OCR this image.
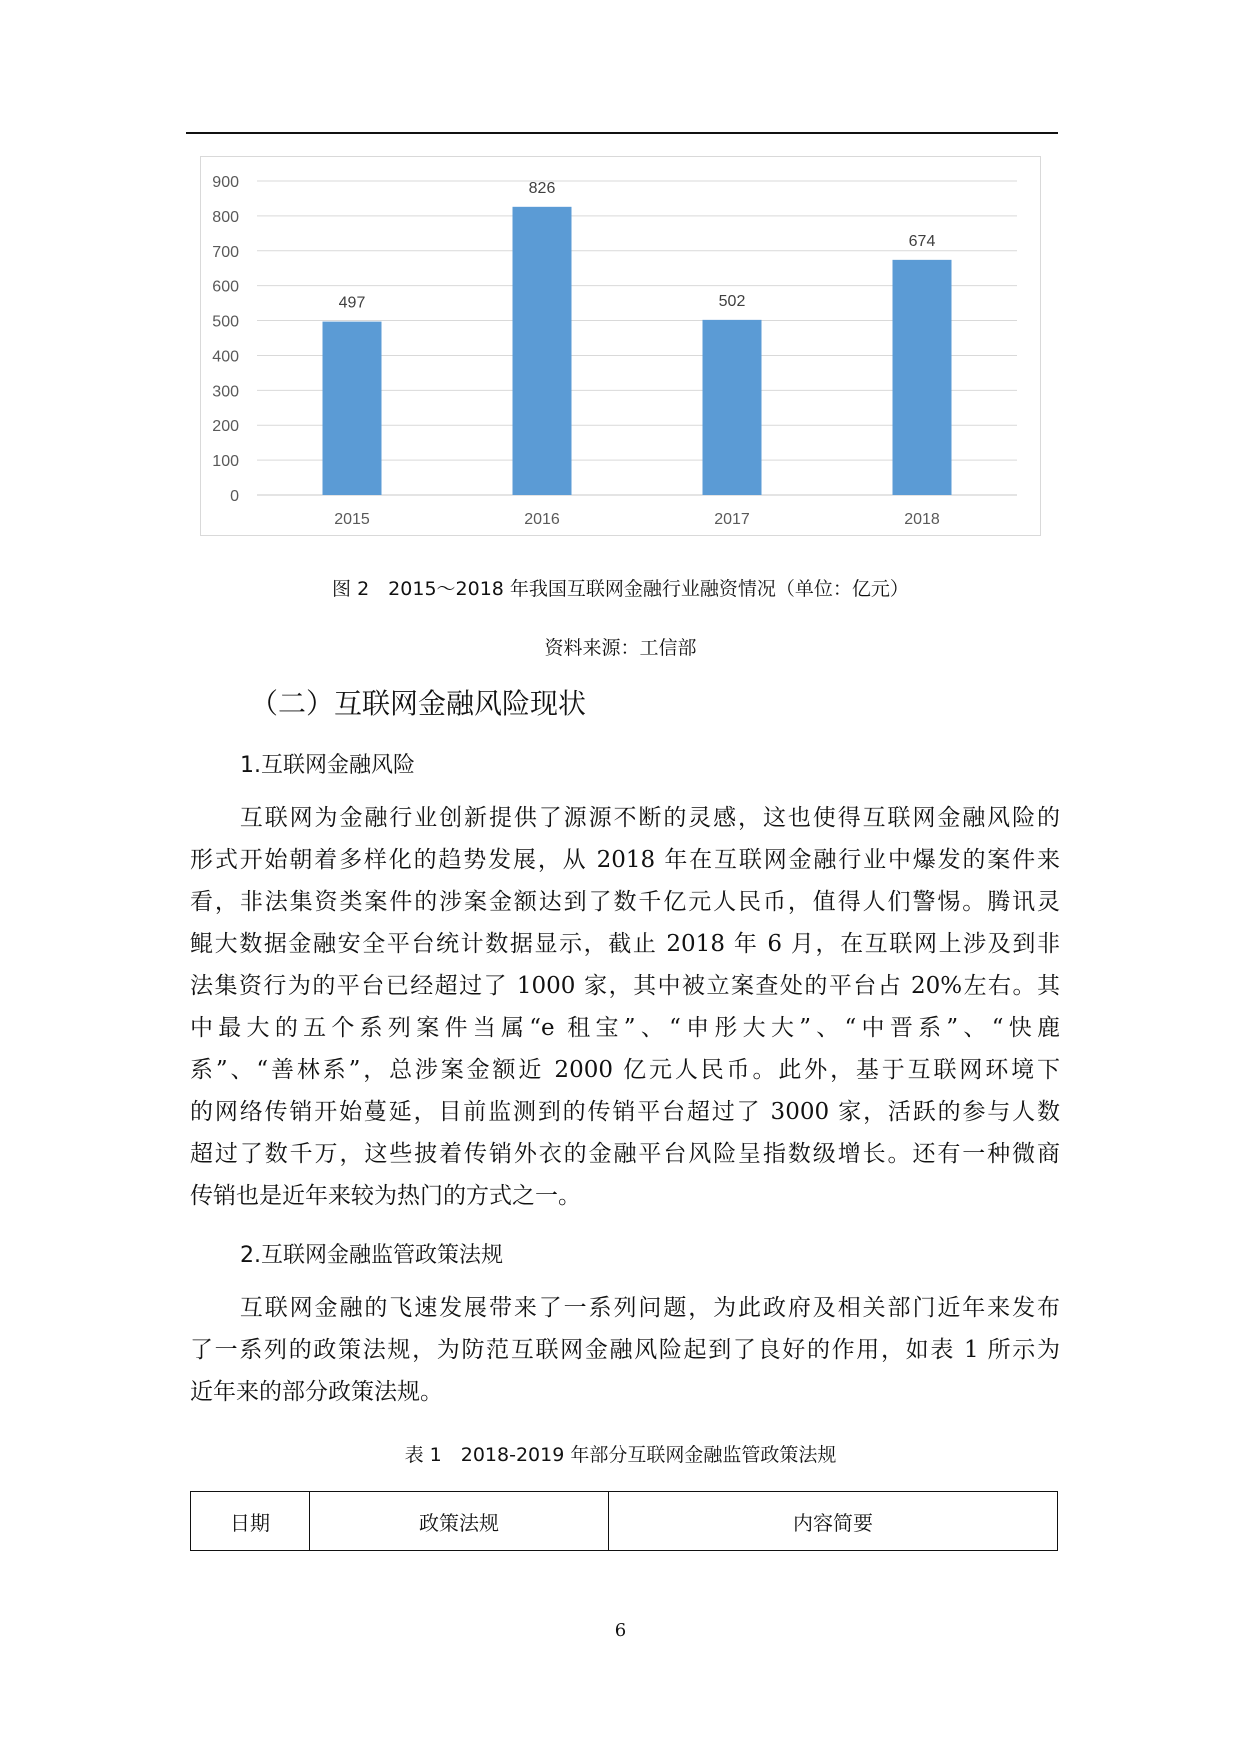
0
100
200
300
400
500
600
700
800
900
497
2015
826
2016
502
2017
674
2018
图 2　2015～2018 年我国互联网金融行业融资情况（单位：亿元）
资料来源：工信部
（二）互联网金融风险现状
1.互联网金融风险
　　互联网为金融行业创新提供了源源不断的灵感，这也使得互联网金融风险的
形式开始朝着多样化的趋势发展，从 2018 年在互联网金融行业中爆发的案件来
看，非法集资类案件的涉案金额达到了数千亿元人民币，值得人们警惕。腾讯灵
鲲大数据金融安全平台统计数据显示，截止 2018 年 6 月，在互联网上涉及到非
法集资行为的平台已经超过了 1000 家，其中被立案查处的平台占 20%左右。其
中最大的五个系列案件当属“e 租宝”、“申彤大大”、“中晋系”、“快鹿
系”、“善林系”，总涉案金额近 2000 亿元人民币。此外，基于互联网环境下
的网络传销开始蔓延，目前监测到的传销平台超过了 3000 家，活跃的参与人数
超过了数千万，这些披着传销外衣的金融平台风险呈指数级增长。还有一种微商
传销也是近年来较为热门的方式之一。
2.互联网金融监管政策法规
　　互联网金融的飞速发展带来了一系列问题，为此政府及相关部门近年来发布
了一系列的政策法规，为防范互联网金融风险起到了良好的作用，如表 1 所示为
近年来的部分政策法规。
表 1　2018-2019 年部分互联网金融监管政策法规
日期	政策法规	内容简要
6
